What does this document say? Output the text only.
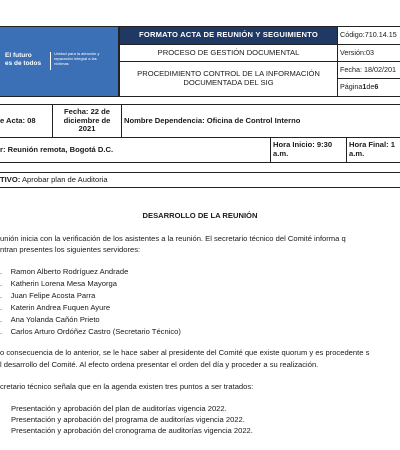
El futuro
es de todos
Unidad para la atención y reparación integral a las víctimas
FORMATO ACTA DE REUNIÓN Y SEGUIMIENTO
PROCESO DE GESTIÓN DOCUMENTAL
PROCEDIMIENTO CONTROL DE LA INFORMACIÓN DOCUMENTADA DEL SIG
Código:710.14.15
Versión:03
Fecha: 18/02/201
Página 1 de 6
e Acta: 08
Fecha: 22 de diciembre de 2021
Nombre Dependencia: Oficina de Control Interno
r: Reunión remota, Bogotá D.C.	Hora Inicio: 9:30 a.m.
Hora Final: 1 a.m.
TIVO: Aprobar plan de Auditoria
DESARROLLO DE LA REUNIÓN
unión inicia con la verificación de los asistentes a la reunión. El secretario técnico del Comité informa q
ntran presentes los siguientes servidores:
.    Ramon Alberto Rodríguez Andrade
.    Katherin Lorena Mesa Mayorga
.    Juan Felipe Acosta Parra
.    Katerin Andrea Fuquen Ayure
.    Ana Yolanda Cañón Prieto
.    Carlos Arturo Ordóñez Castro (Secretario Técnico)
o consecuencia de lo anterior, se le hace saber al presidente del Comité que existe quorum y es procedente s
l desarrollo del Comité. Al efecto ordena presentar el orden del día y proceder a su realización.
cretario técnico señala que en la agenda existen tres puntos a ser tratados:
Presentación y aprobación del plan de auditorías vigencia 2022.
Presentación y aprobación del programa de auditorías vigencia 2022.
Presentación y aprobación del cronograma de auditorías vigencia 2022.
